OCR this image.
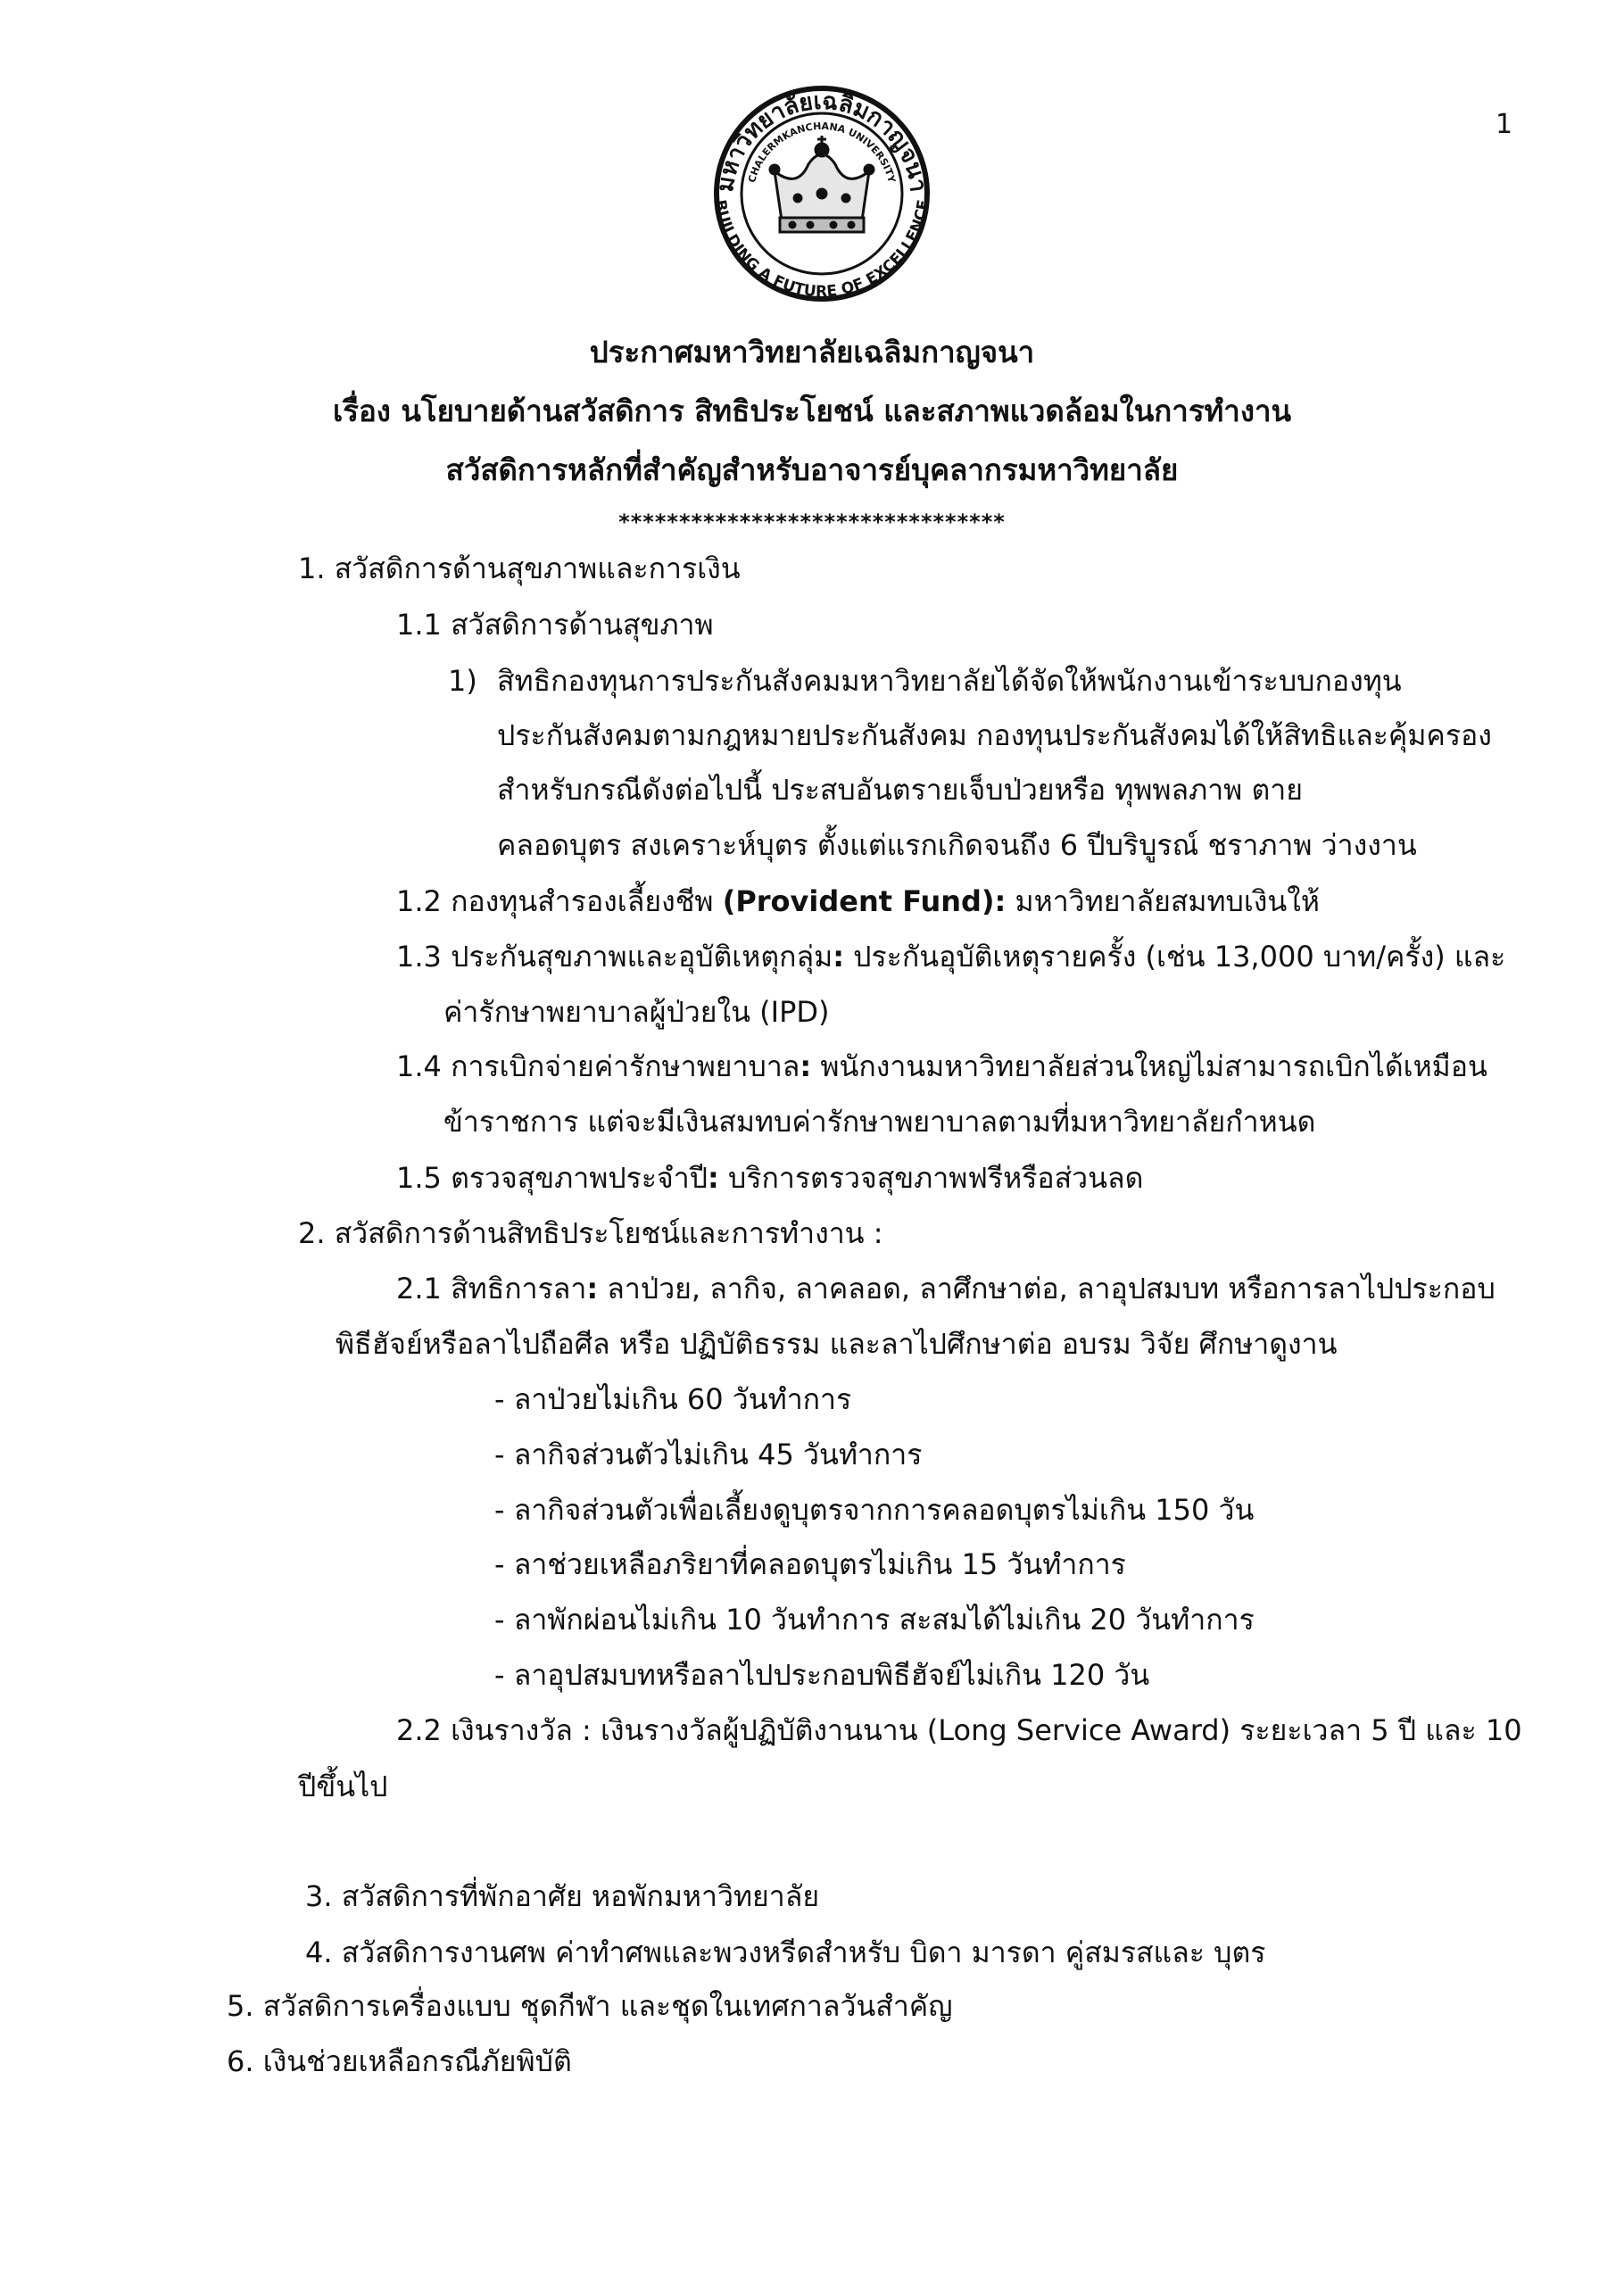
1
มหาวิทยาลัยเฉลิมกาญจนา
CHALERMKANCHANA UNIVERSITY
BUILDING A FUTURE OF EXCELLENCE
ประกาศมหาวิทยาลัยเฉลิมกาญจนา
เรื่อง นโยบายด้านสวัสดิการ สิทธิประโยชน์ และสภาพแวดล้อมในการทำงาน
สวัสดิการหลักที่สำคัญสำหรับอาจารย์บุคลากรมหาวิทยาลัย
********************************
1. สวัสดิการด้านสุขภาพและการเงิน
1.1 สวัสดิการด้านสุขภาพ
1) สิทธิกองทุนการประกันสังคมมหาวิทยาลัยได้จัดให้พนักงานเข้าระบบกองทุน
ประกันสังคมตามกฎหมายประกันสังคม กองทุนประกันสังคมได้ให้สิทธิและคุ้มครอง
สำหรับกรณีดังต่อไปนี้ ประสบอันตรายเจ็บป่วยหรือ ทุพพลภาพ ตาย
คลอดบุตร สงเคราะห์บุตร ตั้งแต่แรกเกิดจนถึง 6 ปีบริบูรณ์ ชราภาพ ว่างงาน
1.2 กองทุนสำรองเลี้ยงชีพ (Provident Fund): มหาวิทยาลัยสมทบเงินให้
1.3 ประกันสุขภาพและอุบัติเหตุกลุ่ม: ประกันอุบัติเหตุรายครั้ง (เช่น 13,000 บาท/ครั้ง) และ
ค่ารักษาพยาบาลผู้ป่วยใน (IPD)
1.4 การเบิกจ่ายค่ารักษาพยาบาล: พนักงานมหาวิทยาลัยส่วนใหญ่ไม่สามารถเบิกได้เหมือน
ข้าราชการ แต่จะมีเงินสมทบค่ารักษาพยาบาลตามที่มหาวิทยาลัยกำหนด
1.5 ตรวจสุขภาพประจำปี: บริการตรวจสุขภาพฟรีหรือส่วนลด
2. สวัสดิการด้านสิทธิประโยชน์และการทำงาน :
2.1 สิทธิการลา: ลาป่วย, ลากิจ, ลาคลอด, ลาศึกษาต่อ, ลาอุปสมบท หรือการลาไปประกอบ
พิธีฮัจย์หรือลาไปถือศีล หรือ ปฏิบัติธรรม และลาไปศึกษาต่อ อบรม วิจัย ศึกษาดูงาน
- ลาป่วยไม่เกิน 60 วันทำการ
- ลากิจส่วนตัวไม่เกิน 45 วันทำการ
- ลากิจส่วนตัวเพื่อเลี้ยงดูบุตรจากการคลอดบุตรไม่เกิน 150 วัน
- ลาช่วยเหลือภริยาที่คลอดบุตรไม่เกิน 15 วันทำการ
- ลาพักผ่อนไม่เกิน 10 วันทำการ สะสมได้ไม่เกิน 20 วันทำการ
- ลาอุปสมบทหรือลาไปประกอบพิธีฮัจย์ไม่เกิน 120 วัน
2.2 เงินรางวัล : เงินรางวัลผู้ปฏิบัติงานนาน (Long Service Award) ระยะเวลา 5 ปี และ 10
ปีขึ้นไป
3. สวัสดิการที่พักอาศัย หอพักมหาวิทยาลัย
4. สวัสดิการงานศพ ค่าทำศพและพวงหรีดสำหรับ บิดา มารดา คู่สมรสและ บุตร
5. สวัสดิการเครื่องแบบ ชุดกีฬา และชุดในเทศกาลวันสำคัญ
6. เงินช่วยเหลือกรณีภัยพิบัติ
